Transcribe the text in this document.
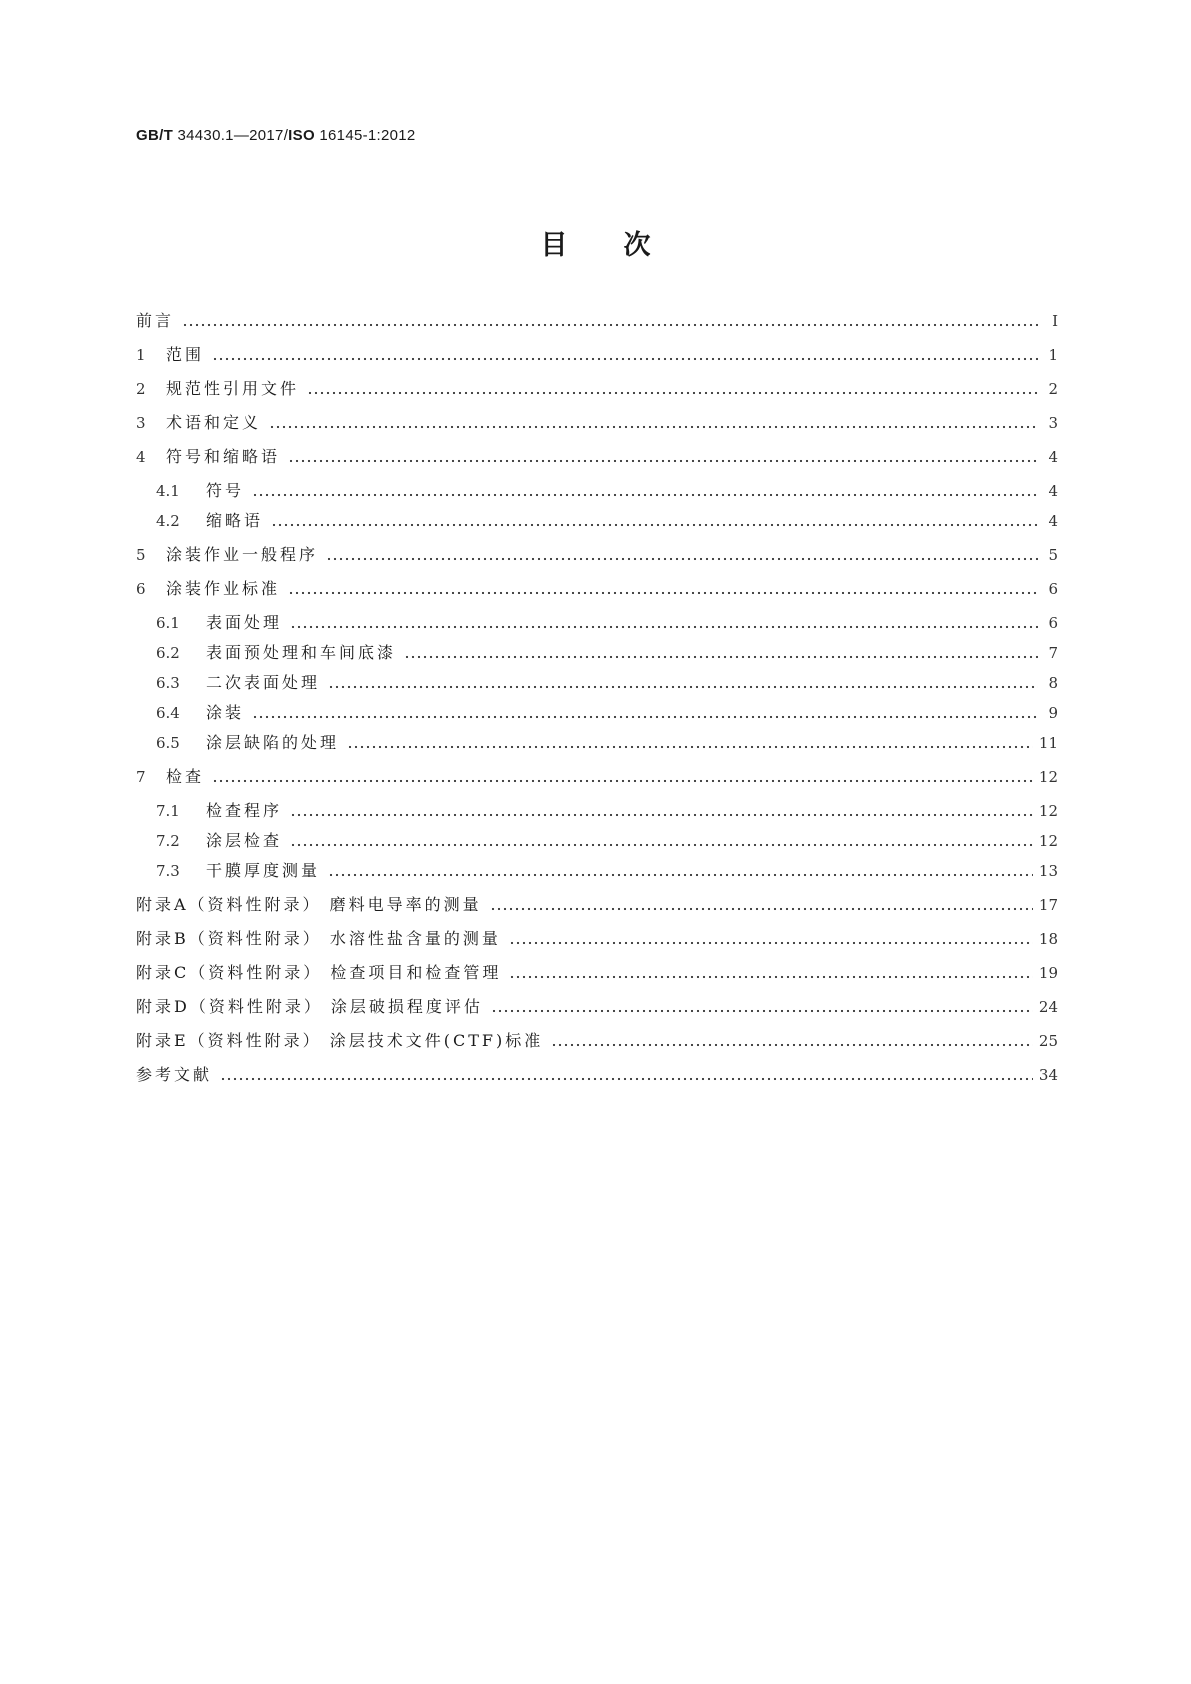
GB/T 34430.1—2017/ISO 16145-1:2012
目次
前言	Ⅰ
1	范围	1
2	规范性引用文件	2
3	术语和定义	3
4	符号和缩略语	4
4.1	符号	4
4.2	缩略语	4
5	涂装作业一般程序	5
6	涂装作业标准	6
6.1	表面处理	6
6.2	表面预处理和车间底漆	7
6.3	二次表面处理	8
6.4	涂装	9
6.5	涂层缺陷的处理	11
7	检查	12
7.1	检查程序	12
7.2	涂层检查	12
7.3	干膜厚度测量	13
附录A（资料性附录） 磨料电导率的测量	17
附录B（资料性附录） 水溶性盐含量的测量	18
附录C（资料性附录） 检查项目和检查管理	19
附录D（资料性附录） 涂层破损程度评估	24
附录E（资料性附录） 涂层技术文件(CTF)标准	25
参考文献	34
